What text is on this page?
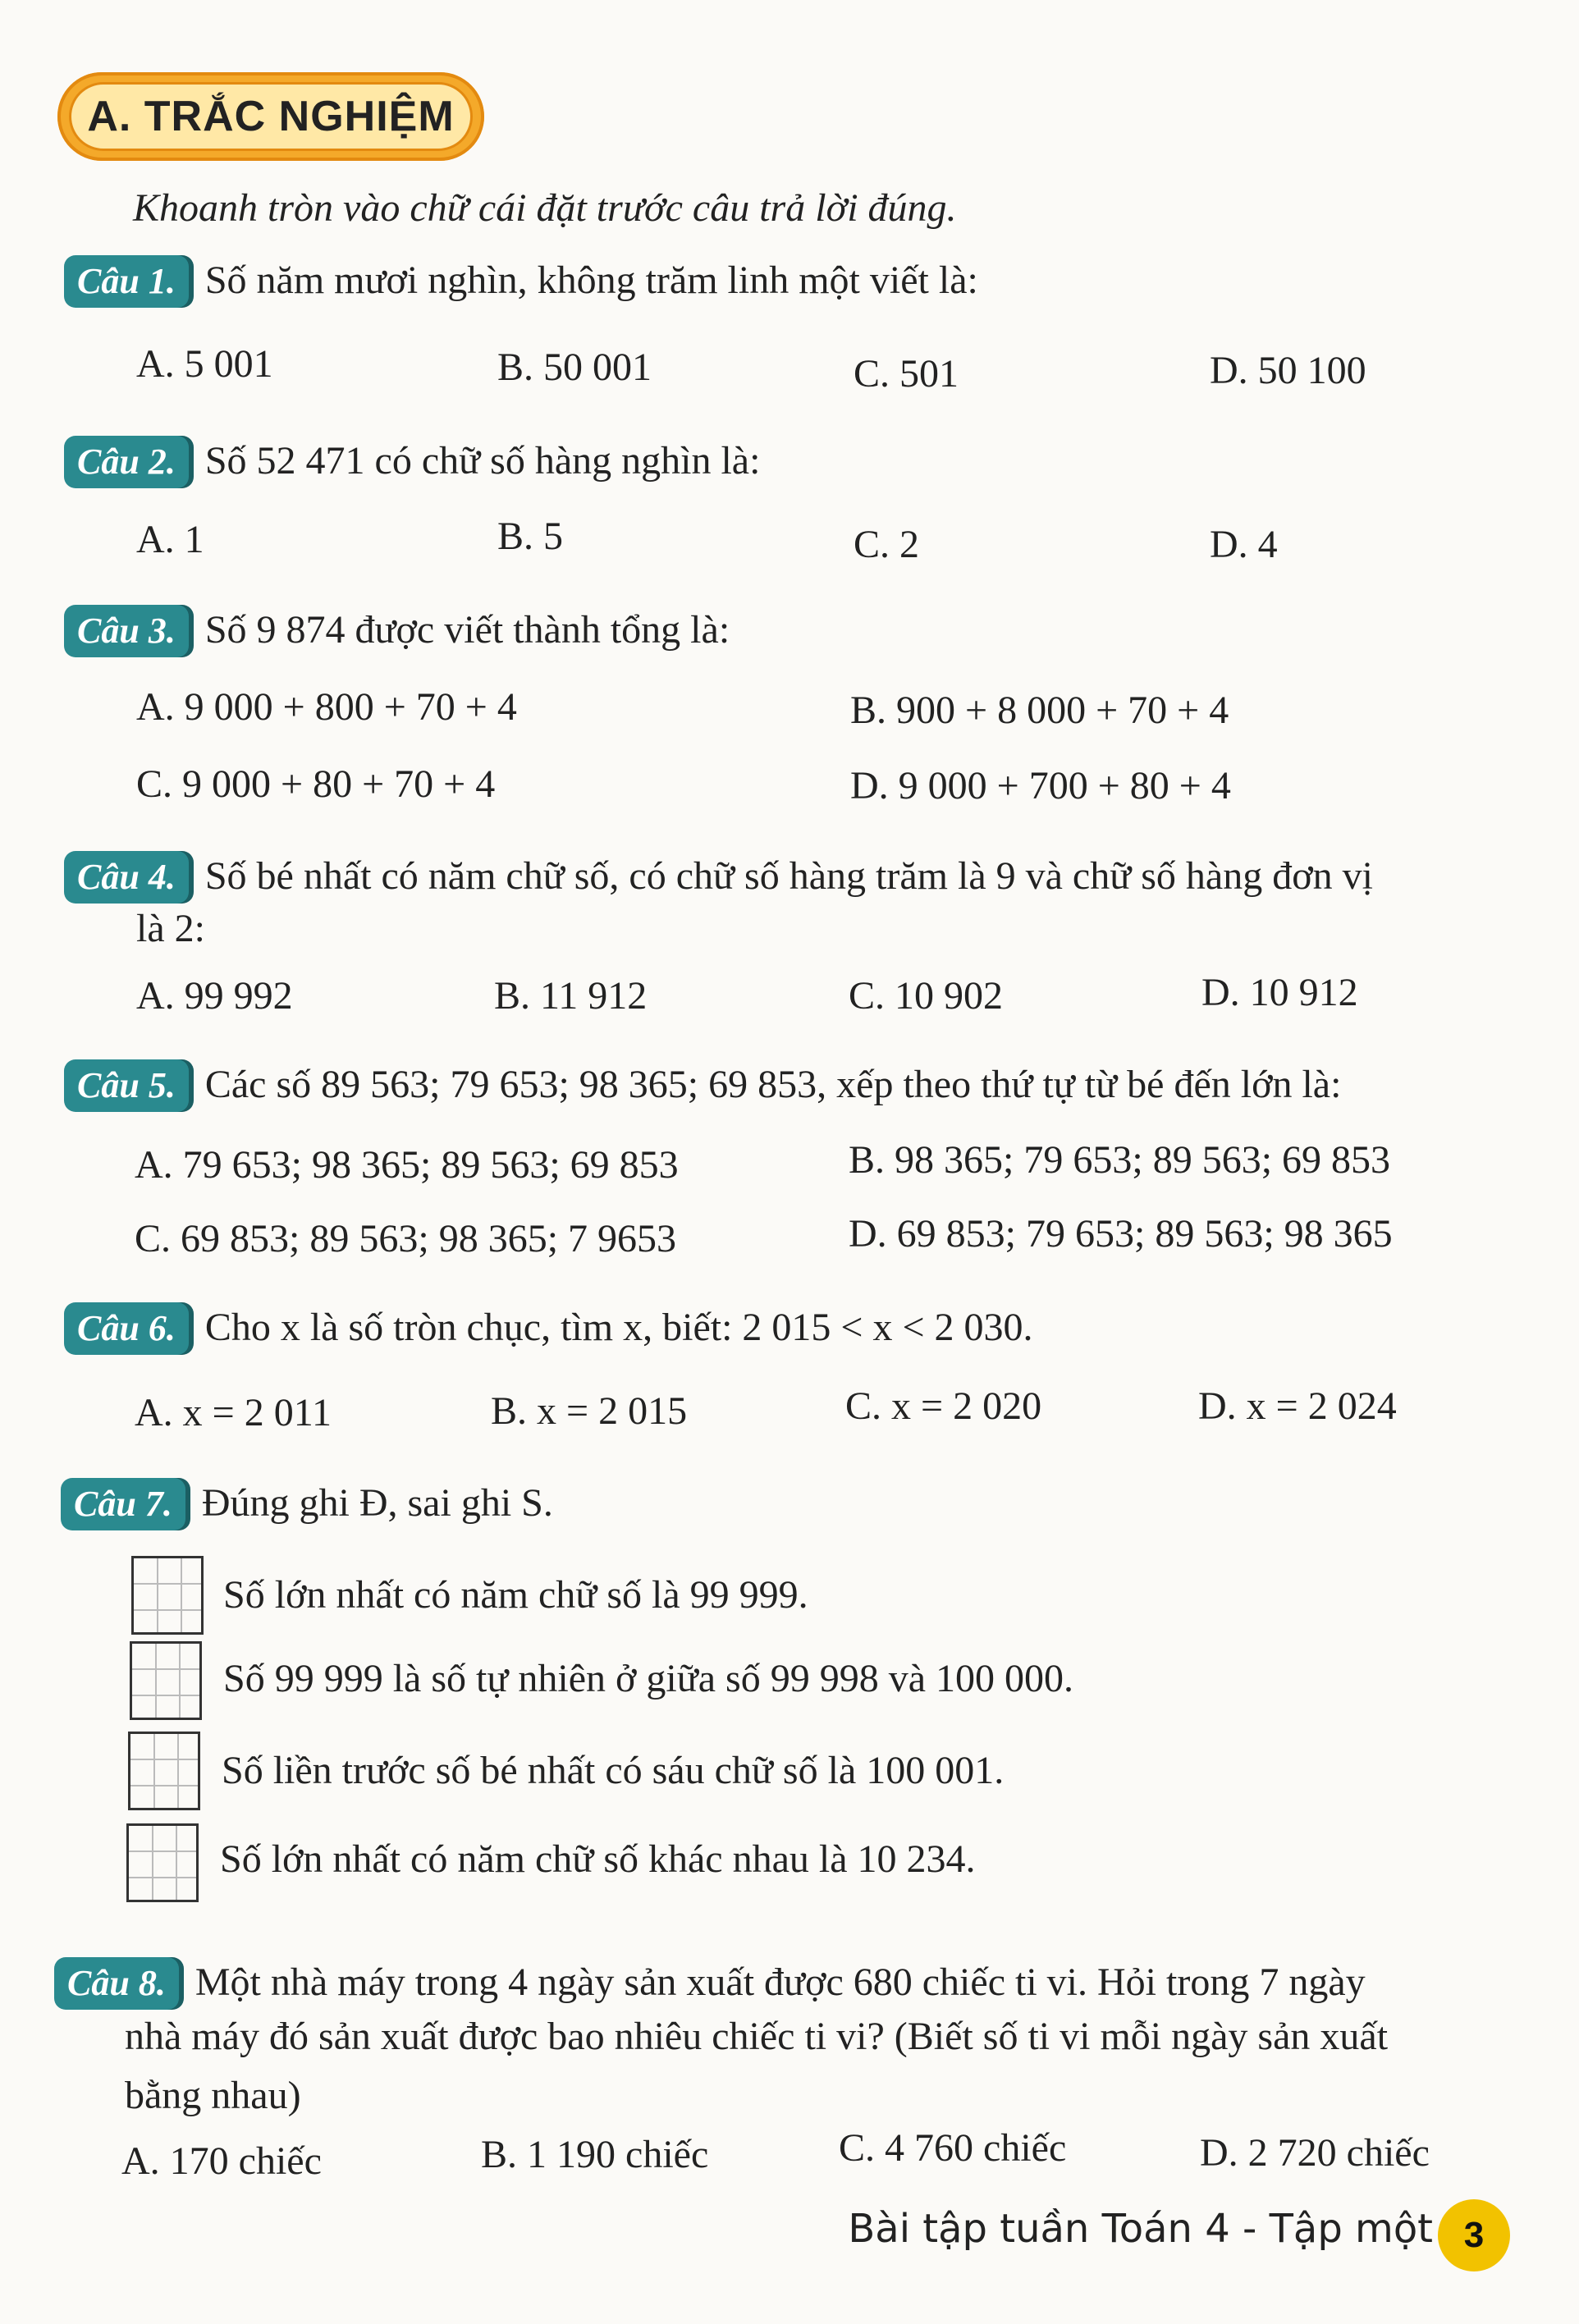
A. TRẮC NGHIỆM
Khoanh tròn vào chữ cái đặt trước câu trả lời đúng.
Câu 1. Số năm mươi nghìn, không trăm linh một viết là:
A. 5 001	B. 50 001	C. 501	D. 50 100
Câu 2. Số 52 471 có chữ số hàng nghìn là:
A. 1	B. 5	C. 2	D. 4
Câu 3. Số 9 874 được viết thành tổng là:
A. 9 000 + 800 + 70 + 4	B. 900 + 8 000 + 70 + 4
C. 9 000 + 80 + 70 + 4	D. 9 000 + 700 + 80 + 4
Câu 4. Số bé nhất có năm chữ số, có chữ số hàng trăm là 9 và chữ số hàng đơn vị
là 2:
A. 99 992	B. 11 912	C. 10 902	D. 10 912
Câu 5. Các số 89 563; 79 653; 98 365; 69 853, xếp theo thứ tự từ bé đến lớn là:
A. 79 653; 98 365; 89 563; 69 853	B. 98 365; 79 653; 89 563; 69 853
C. 69 853; 89 563; 98 365; 7 9653	D. 69 853; 79 653; 89 563; 98 365
Câu 6. Cho x là số tròn chục, tìm x, biết: 2 015 < x < 2 030.
A. x = 2 011	B. x = 2 015	C. x = 2 020	D. x = 2 024
Câu 7. Đúng ghi Đ, sai ghi S.
Số lớn nhất có năm chữ số là 99 999.
Số 99 999 là số tự nhiên ở giữa số 99 998 và 100 000.
Số liền trước số bé nhất có sáu chữ số là 100 001.
Số lớn nhất có năm chữ số khác nhau là 10 234.
Câu 8. Một nhà máy trong 4 ngày sản xuất được 680 chiếc ti vi. Hỏi trong 7 ngày
nhà máy đó sản xuất được bao nhiêu chiếc ti vi? (Biết số ti vi mỗi ngày sản xuất
bằng nhau)
A. 170 chiếc	B. 1 190 chiếc	C. 4 760 chiếc	D. 2 720 chiếc
Bài tập tuần Toán 4 - Tập một 3
